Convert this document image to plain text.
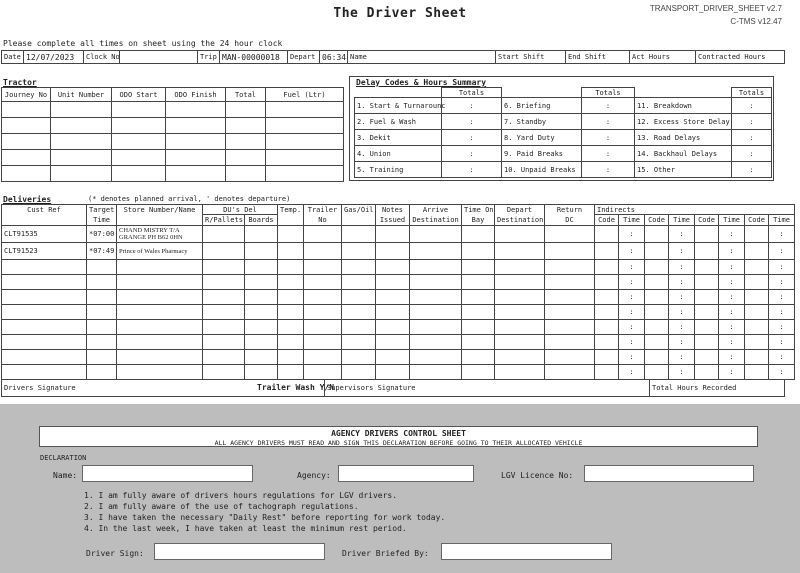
The Driver Sheet	TRANSPORT_DRIVER_SHEET v2.7
C-TMS v12.47
Please complete all times on sheet using the 24 hour clock
Date	12/07/2023	Clock No		Trip	MAN-00000018	Depart	06:34	Name	Start Shift	End Shift	Act Hours	Contracted Hours
Tractor
Journey No	Unit Number	ODO Start	ODO Finish	Total	Fuel (Ltr)

Delay Codes & Hours Summary
	Totals		Totals		Totals
1. Start & Turnarounc	:	6. Briefing	:	11. Breakdown	:
2. Fuel & Wash	:	7. Standby	:	12. Excess Store Delay	:
3. Dekit	:	8. Yard Duty	:	13. Road Delays	:
4. Union	:	9. Paid Breaks	:	14. Backhaul Delays	:
5. Training	:	10. Unpaid Breaks	:	15. Other	:
Deliveries	(* denotes planned arrival, ' denotes departure)
Cust Ref	Target	Store Number/Name	DU's Del		Temp.	Trailer	Gas/Oil	Notes	Arrive	Time On	Depart	Return	Indirects							
	Time		R/Pallets	Boards		No		Issued	Destination	Bay	Destination	DC	Code	Time	Code	Time	Code	Time	Code	Time
CLT91535	*07:00	CHAND MISTRY T/A GRANGE PH B62 0HN												:		:		:		:
CLT91523	*07:49	Prince of Wales Pharmacy												:		:		:		:
														:		:		:		:
														:		:		:		:
														:		:		:		:
														:		:		:		:
														:		:		:		:
														:		:		:		:
														:		:		:		:
														:		:		:		:
Drivers Signature	Trailer Wash Y/N
	Supervisors Signature	Total Hours Recorded
AGENCY DRIVERS CONTROL SHEET
ALL AGENCY DRIVERS MUST READ AND SIGN THIS DECLARATION BEFORE GOING TO THEIR ALLOCATED VEHICLE
DECLARATION
Name:	Agency:	LGV Licence No:
1. I am fully aware of drivers hours regulations for LGV drivers.
2. I am fully aware of the use of tachograph regulations.
3. I have taken the necessary "Daily Rest" before reporting for work today.
4. In the last week, I have taken at least the minimum rest period.
Driver Sign:	Driver Briefed By:
